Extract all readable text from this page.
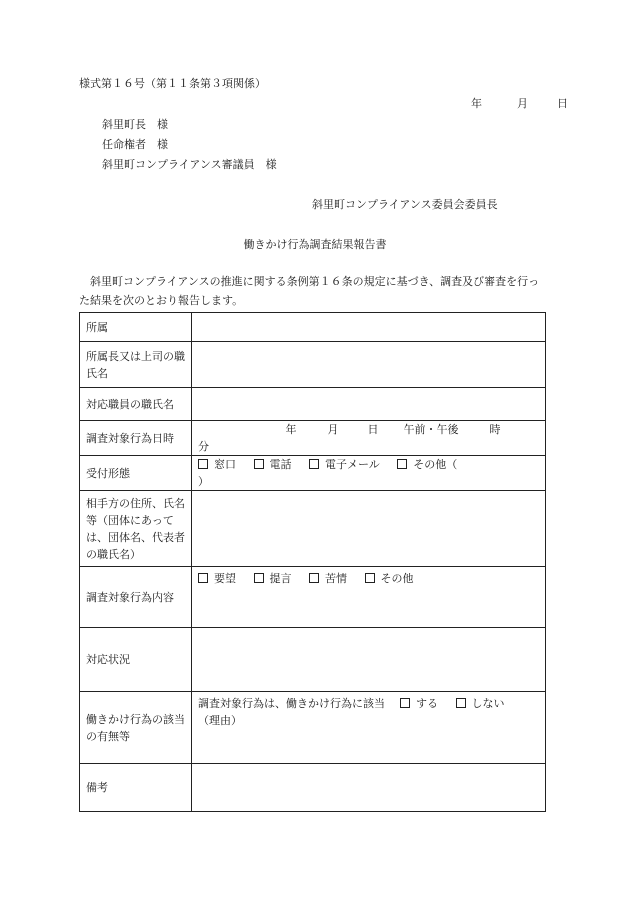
様式第１６号（第１１条第３項関係）
年	月	日
斜里町長　様
任命権者　様
斜里町コンプライアンス審議員　様
斜里町コンプライアンス委員会委員長
働きかけ行為調査結果報告書
　斜里町コンプライアンスの推進に関する条例第１６条の規定に基づき、調査及び審査を行った結果を次のとおり報告します。
所属	
所属長又は上司の職氏名	
対応職員の職氏名	
調査対象行為日時	年 月 日 午前・午後 時  分
受付形態	窓口 電話 電子メール その他（  ）
相手方の住所、氏名等（団体にあっては、団体名、代表者の職氏名）	
調査対象行為内容	要望 提言 苦情 その他
対応状況	
働きかけ行為の該当の有無等	調査対象行為は、働きかけ行為に該当 する しない
（理由）

備考	
